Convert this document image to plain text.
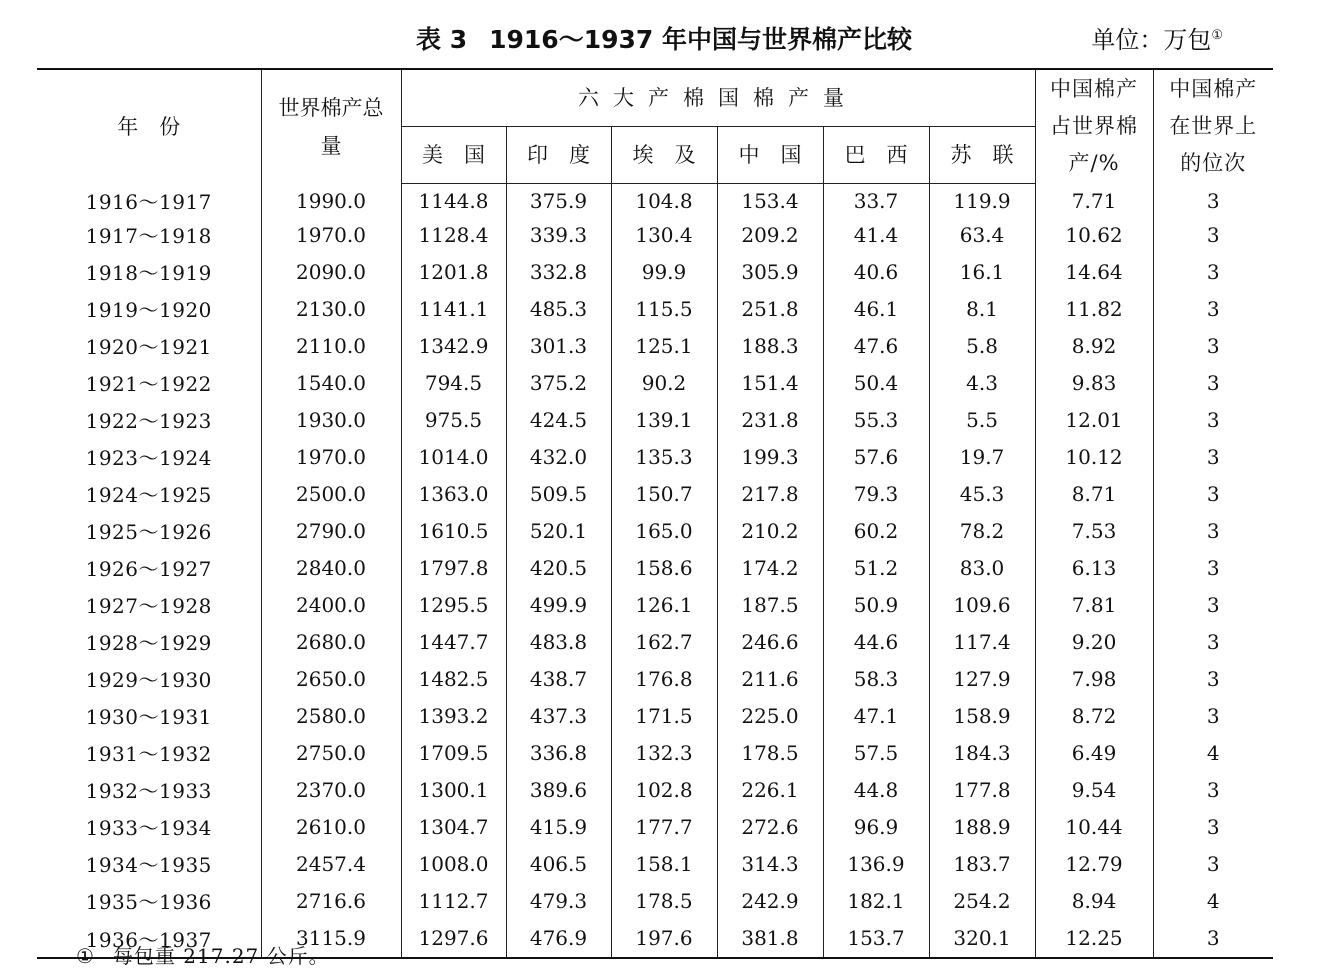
表 3 1916～1937 年中国与世界棉产比较	单位：万包①
年　份	世界棉产总量	六大产棉国棉产量						中国棉产占世界棉产/%	中国棉产在世界上的位次

		美　国	印　度	埃　及	中　国	巴　西	苏　联		
1916～1917	1990.0	1144.8	375.9	104.8	153.4	33.7	119.9	7.71	3
1917～1918	1970.0	1128.4	339.3	130.4	209.2	41.4	63.4	10.62	3
1918～1919	2090.0	1201.8	332.8	99.9	305.9	40.6	16.1	14.64	3
1919～1920	2130.0	1141.1	485.3	115.5	251.8	46.1	8.1	11.82	3
1920～1921	2110.0	1342.9	301.3	125.1	188.3	47.6	5.8	8.92	3
1921～1922	1540.0	794.5	375.2	90.2	151.4	50.4	4.3	9.83	3
1922～1923	1930.0	975.5	424.5	139.1	231.8	55.3	5.5	12.01	3
1923～1924	1970.0	1014.0	432.0	135.3	199.3	57.6	19.7	10.12	3
1924～1925	2500.0	1363.0	509.5	150.7	217.8	79.3	45.3	8.71	3
1925～1926	2790.0	1610.5	520.1	165.0	210.2	60.2	78.2	7.53	3
1926～1927	2840.0	1797.8	420.5	158.6	174.2	51.2	83.0	6.13	3
1927～1928	2400.0	1295.5	499.9	126.1	187.5	50.9	109.6	7.81	3
1928～1929	2680.0	1447.7	483.8	162.7	246.6	44.6	117.4	9.20	3
1929～1930	2650.0	1482.5	438.7	176.8	211.6	58.3	127.9	7.98	3
1930～1931	2580.0	1393.2	437.3	171.5	225.0	47.1	158.9	8.72	3
1931～1932	2750.0	1709.5	336.8	132.3	178.5	57.5	184.3	6.49	4
1932～1933	2370.0	1300.1	389.6	102.8	226.1	44.8	177.8	9.54	3
1933～1934	2610.0	1304.7	415.9	177.7	272.6	96.9	188.9	10.44	3
1934～1935	2457.4	1008.0	406.5	158.1	314.3	136.9	183.7	12.79	3
1935～1936	2716.6	1112.7	479.3	178.5	242.9	182.1	254.2	8.94	4
1936～1937	3115.9	1297.6	476.9	197.6	381.8	153.7	320.1	12.25	3
① 每包重 217.27 公斤。
